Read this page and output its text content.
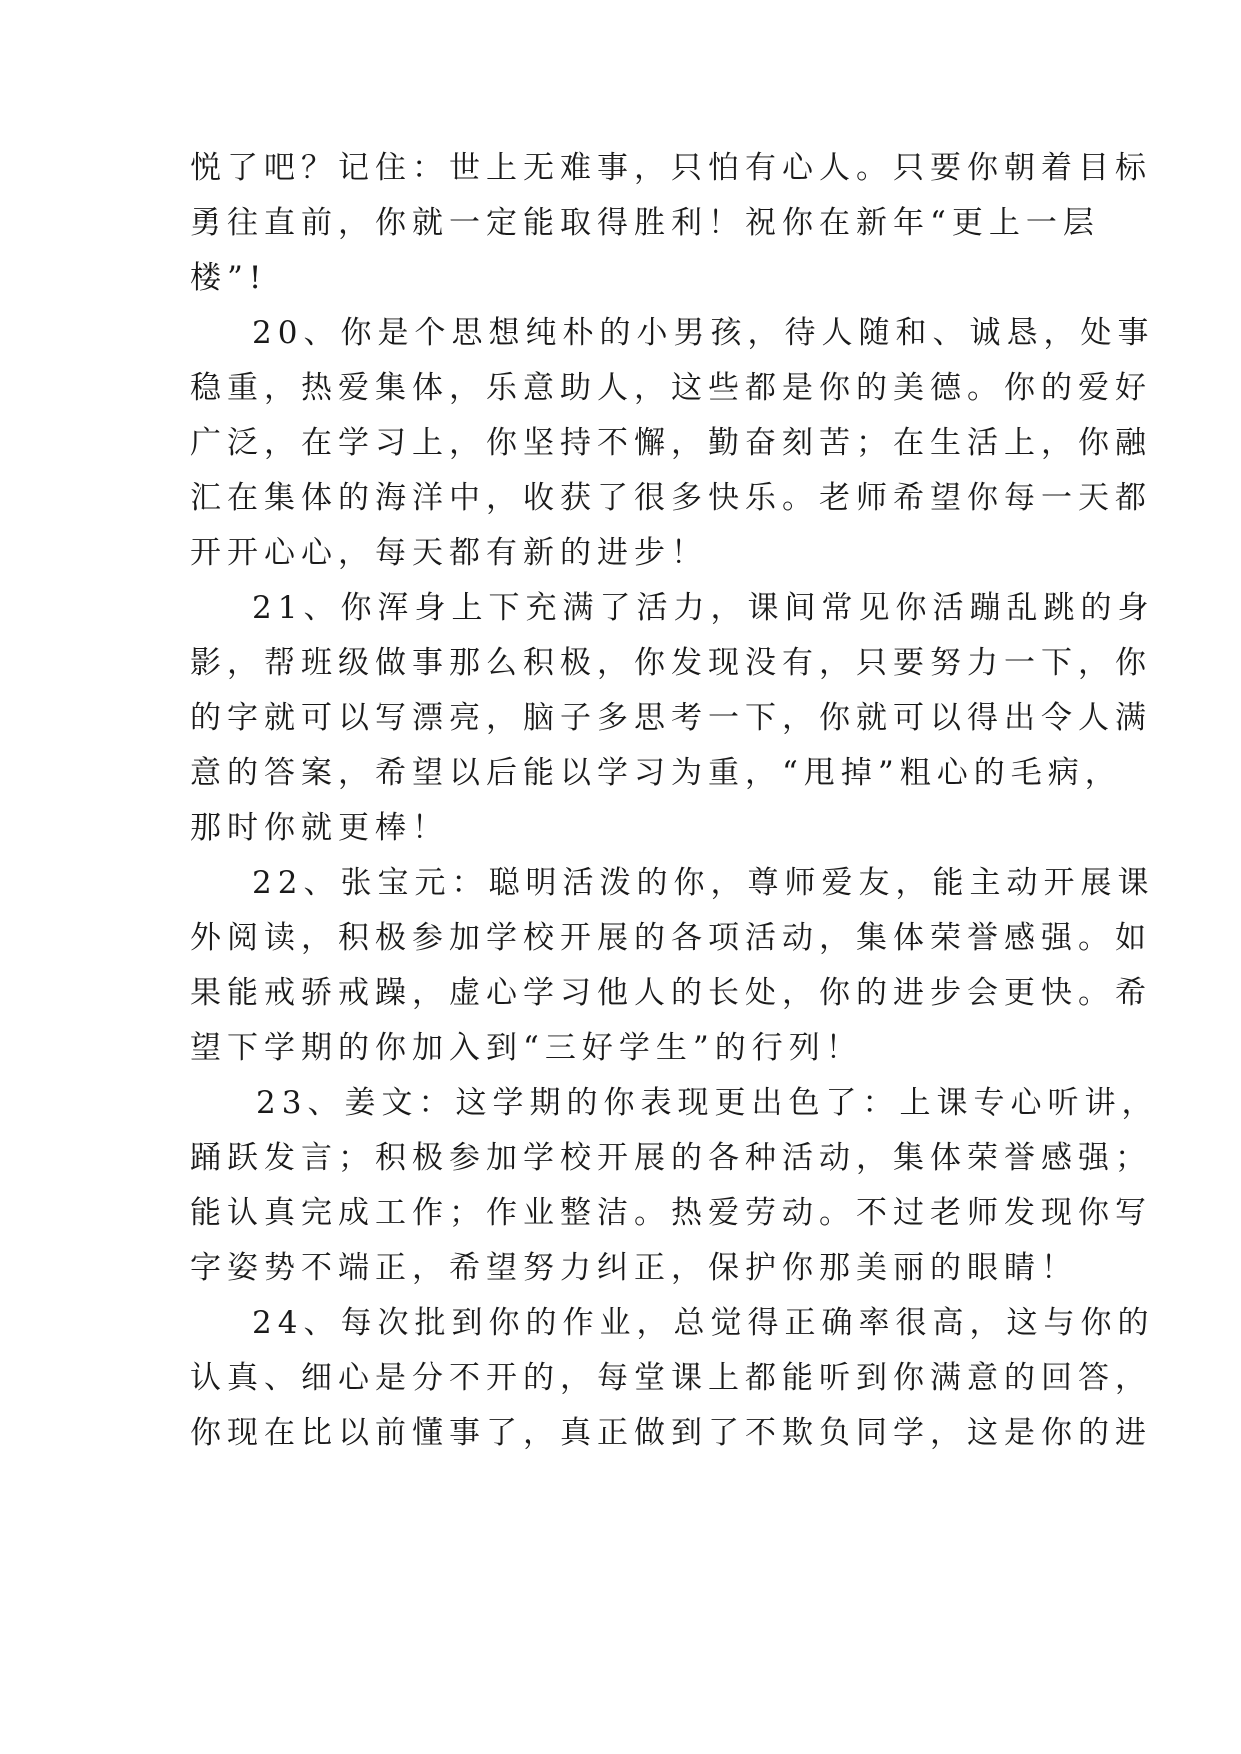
悦了吧？记住：世上无难事，只怕有心人。只要你朝着目标
勇往直前，你就一定能取得胜利！祝你在新年“更上一层
楼”!
20、你是个思想纯朴的小男孩，待人随和、诚恳，处事
稳重，热爱集体，乐意助人，这些都是你的美德。你的爱好
广泛，在学习上，你坚持不懈，勤奋刻苦；在生活上，你融
汇在集体的海洋中，收获了很多快乐。老师希望你每一天都
开开心心，每天都有新的进步！
21、你浑身上下充满了活力，课间常见你活蹦乱跳的身
影，帮班级做事那么积极，你发现没有，只要努力一下，你
的字就可以写漂亮，脑子多思考一下，你就可以得出令人满
意的答案，希望以后能以学习为重，“甩掉”粗心的毛病，
那时你就更棒！
22、张宝元：聪明活泼的你，尊师爱友，能主动开展课
外阅读，积极参加学校开展的各项活动，集体荣誉感强。如
果能戒骄戒躁，虚心学习他人的长处，你的进步会更快。希
望下学期的你加入到“三好学生”的行列！
23、姜文：这学期的你表现更出色了：上课专心听讲，
踊跃发言；积极参加学校开展的各种活动，集体荣誉感强；
能认真完成工作；作业整洁。热爱劳动。不过老师发现你写
字姿势不端正，希望努力纠正，保护你那美丽的眼睛！
24、每次批到你的作业，总觉得正确率很高，这与你的
认真、细心是分不开的，每堂课上都能听到你满意的回答，
你现在比以前懂事了，真正做到了不欺负同学，这是你的进
